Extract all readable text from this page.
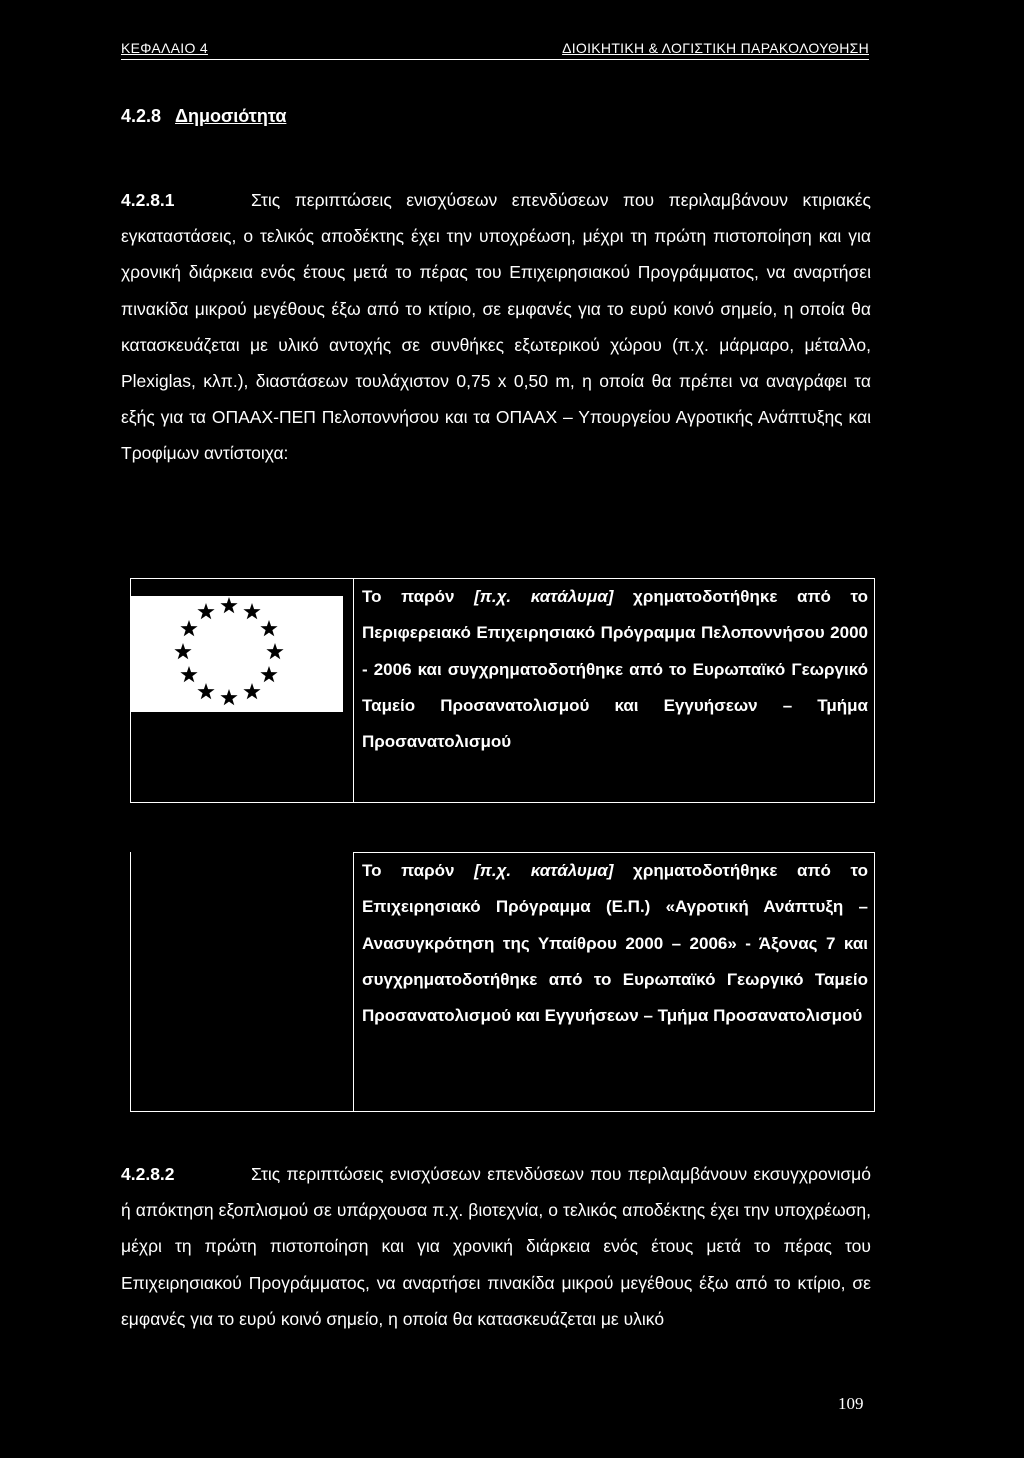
ΚΕΦΑΛΑΙΟ 4	ΔΙΟΙΚΗΤΙΚΗ & ΛΟΓΙΣΤΙΚΗ ΠΑΡΑΚΟΛΟΥΘΗΣΗ
4.2.8 Δημοσιότητα
4.2.8.1	Στις περιπτώσεις ενισχύσεων επενδύσεων που περιλαμβάνουν κτιριακές εγκαταστάσεις, ο τελικός αποδέκτης έχει την υποχρέωση, μέχρι τη πρώτη πιστοποίηση και για χρονική διάρκεια ενός έτους μετά το πέρας του Επιχειρησιακού Προγράμματος, να αναρτήσει πινακίδα μικρού μεγέθους έξω από το κτίριο, σε εμφανές για το ευρύ κοινό σημείο, η οποία θα κατασκευάζεται με υλικό αντοχής σε συνθήκες εξωτερικού χώρου (π.χ. μάρμαρο, μέταλλο, Plexiglas, κλπ.), διαστάσεων τουλάχιστον 0,75 x 0,50 m, η οποία θα πρέπει να αναγράφει τα εξής για τα ΟΠΑΑΧ-ΠΕΠ Πελοποννήσου και τα ΟΠΑΑΧ – Υπουργείου Αγροτικής Ανάπτυξης και Τροφίμων αντίστοιχα:
Το παρόν [π.χ. κατάλυμα] χρηματοδοτήθηκε από το Περιφερειακό Επιχειρησιακό Πρόγραμμα Πελοποννήσου 2000 - 2006 και συγχρηματοδοτήθηκε από το Ευρωπαϊκό Γεωργικό Ταμείο Προσανατολισμού και Εγγυήσεων – Τμήμα Προσανατολισμού
Το παρόν [π.χ. κατάλυμα] χρηματοδοτήθηκε από το Επιχειρησιακό Πρόγραμμα (Ε.Π.) «Αγροτική Ανάπτυξη – Ανασυγκρότηση της Υπαίθρου 2000 – 2006» - Άξονας 7 και συγχρηματοδοτήθηκε από το Ευρωπαϊκό Γεωργικό Ταμείο Προσανατολισμού και Εγγυήσεων – Τμήμα Προσανατολισμού
4.2.8.2	Στις περιπτώσεις ενισχύσεων επενδύσεων που περιλαμβάνουν εκσυγχρονισμό ή απόκτηση εξοπλισμού σε υπάρχουσα π.χ. βιοτεχνία, ο τελικός αποδέκτης έχει την υποχρέωση, μέχρι τη πρώτη πιστοποίηση και για χρονική διάρκεια ενός έτους μετά το πέρας του Επιχειρησιακού Προγράμματος, να αναρτήσει πινακίδα μικρού μεγέθους έξω από το κτίριο, σε εμφανές για το ευρύ κοινό σημείο, η οποία θα κατασκευάζεται με υλικό
109
